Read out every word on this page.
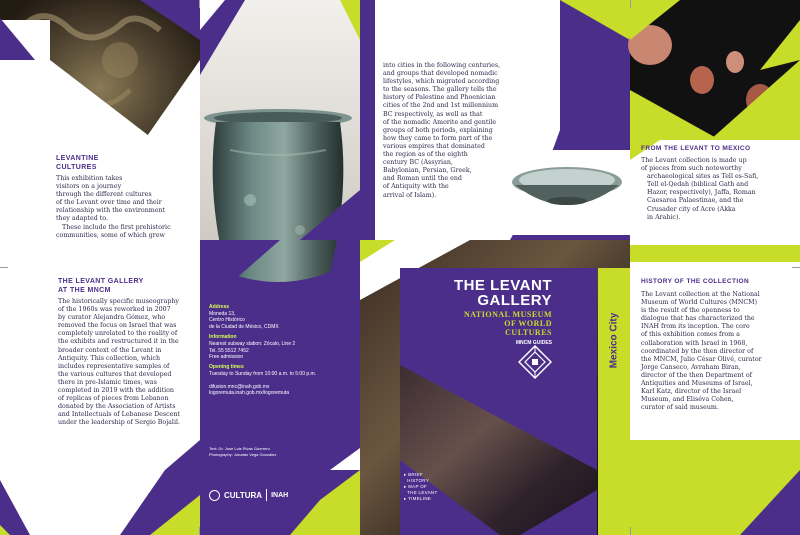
LEVANTINE
CULTURES
This exhibition takes
visitors on a journey
through the different cultures
of the Levant over time and their
relationship with the environment
they adapted to.
These include the first prehistoric
communities, some of which grew
THE LEVANT GALLERY
AT THE MNCM
The historically specific museography
of the 1960s was reworked in 2007
by curator Alejandra Gómez, who
removed the focus on Israel that was
completely unrelated to the reality of
the exhibits and restructured it in the
broader context of the Levant in
Antiquity. This collection, which
includes representative samples of
the various cultures that developed
there in pre-Islamic times, was
completed in 2019 with the addition
of replicas of pieces from Lebanon
donated by the Association of Artists
and Intellectuals of Lebanese Descent
under the leadership of Sergio Bojalil.
Address
Moneda 13,
Centro Histórico
de la Ciudad de México, CDMX
Information
Nearest subway station: Zócalo, Line 2
Tel. 55 5512 7452
Free admission
Opening times
Tuesday to Sunday from 10:00 a.m. to 5:00 p.m.
difusion.mnc@inah.gob.mx
logoremuta.inah.gob.mx/logoremuta
Text: Dr. Jose Luis Rivas Guerrero
Photography: Jonatán Vega González
CULTURA INAH
into cities in the following centuries,
and groups that developed nomadic
lifestyles, which migrated according
to the seasons. The gallery tells the
history of Palestine and Phoenician
cities of the 2nd and 1st millennium
BC respectively, as well as that
of the nomadic Amorite and gentile
groups of both periods, explaining
how they came to form part of the
various empires that dominated
the region as of the eighth
century BC (Assyrian,
Babylonian, Persian, Greek,
and Roman until the end
of Antiquity with the
arrival of Islam).
THE LEVANT
GALLERY
NATIONAL MUSEUM
OF WORLD
CULTURES
MNCM GUIDES	Mexico City
▸ BRIEF
HISTORY
▸ MAP OF
THE LEVANT
▸ TIMELINE
FROM THE LEVANT TO MEXICO
The Levant collection is made up
of pieces from such noteworthy
archaeological sites as Tell es-Safi,
Tell el-Qedah (biblical Gath and
Hazor, respectively), Jaffa, Roman
Caesarea Palaestinae, and the
Crusader city of Acre (Akka
in Arabic).
HISTORY OF THE COLLECTION
The Levant collection at the National
Museum of World Cultures (MNCM)
is the result of the openness to
dialogue that has characterized the
INAH from its inception. The core
of this exhibition comes from a
collaboration with Israel in 1968,
coordinated by the then director of
the MNCM, Julio César Olivé, curator
Jorge Canseco, Avraham Biran,
director of the then Department of
Antiquities and Museums of Israel,
Karl Katz, director of the Israel
Museum, and Eliséva Cohen,
curator of said museum.
